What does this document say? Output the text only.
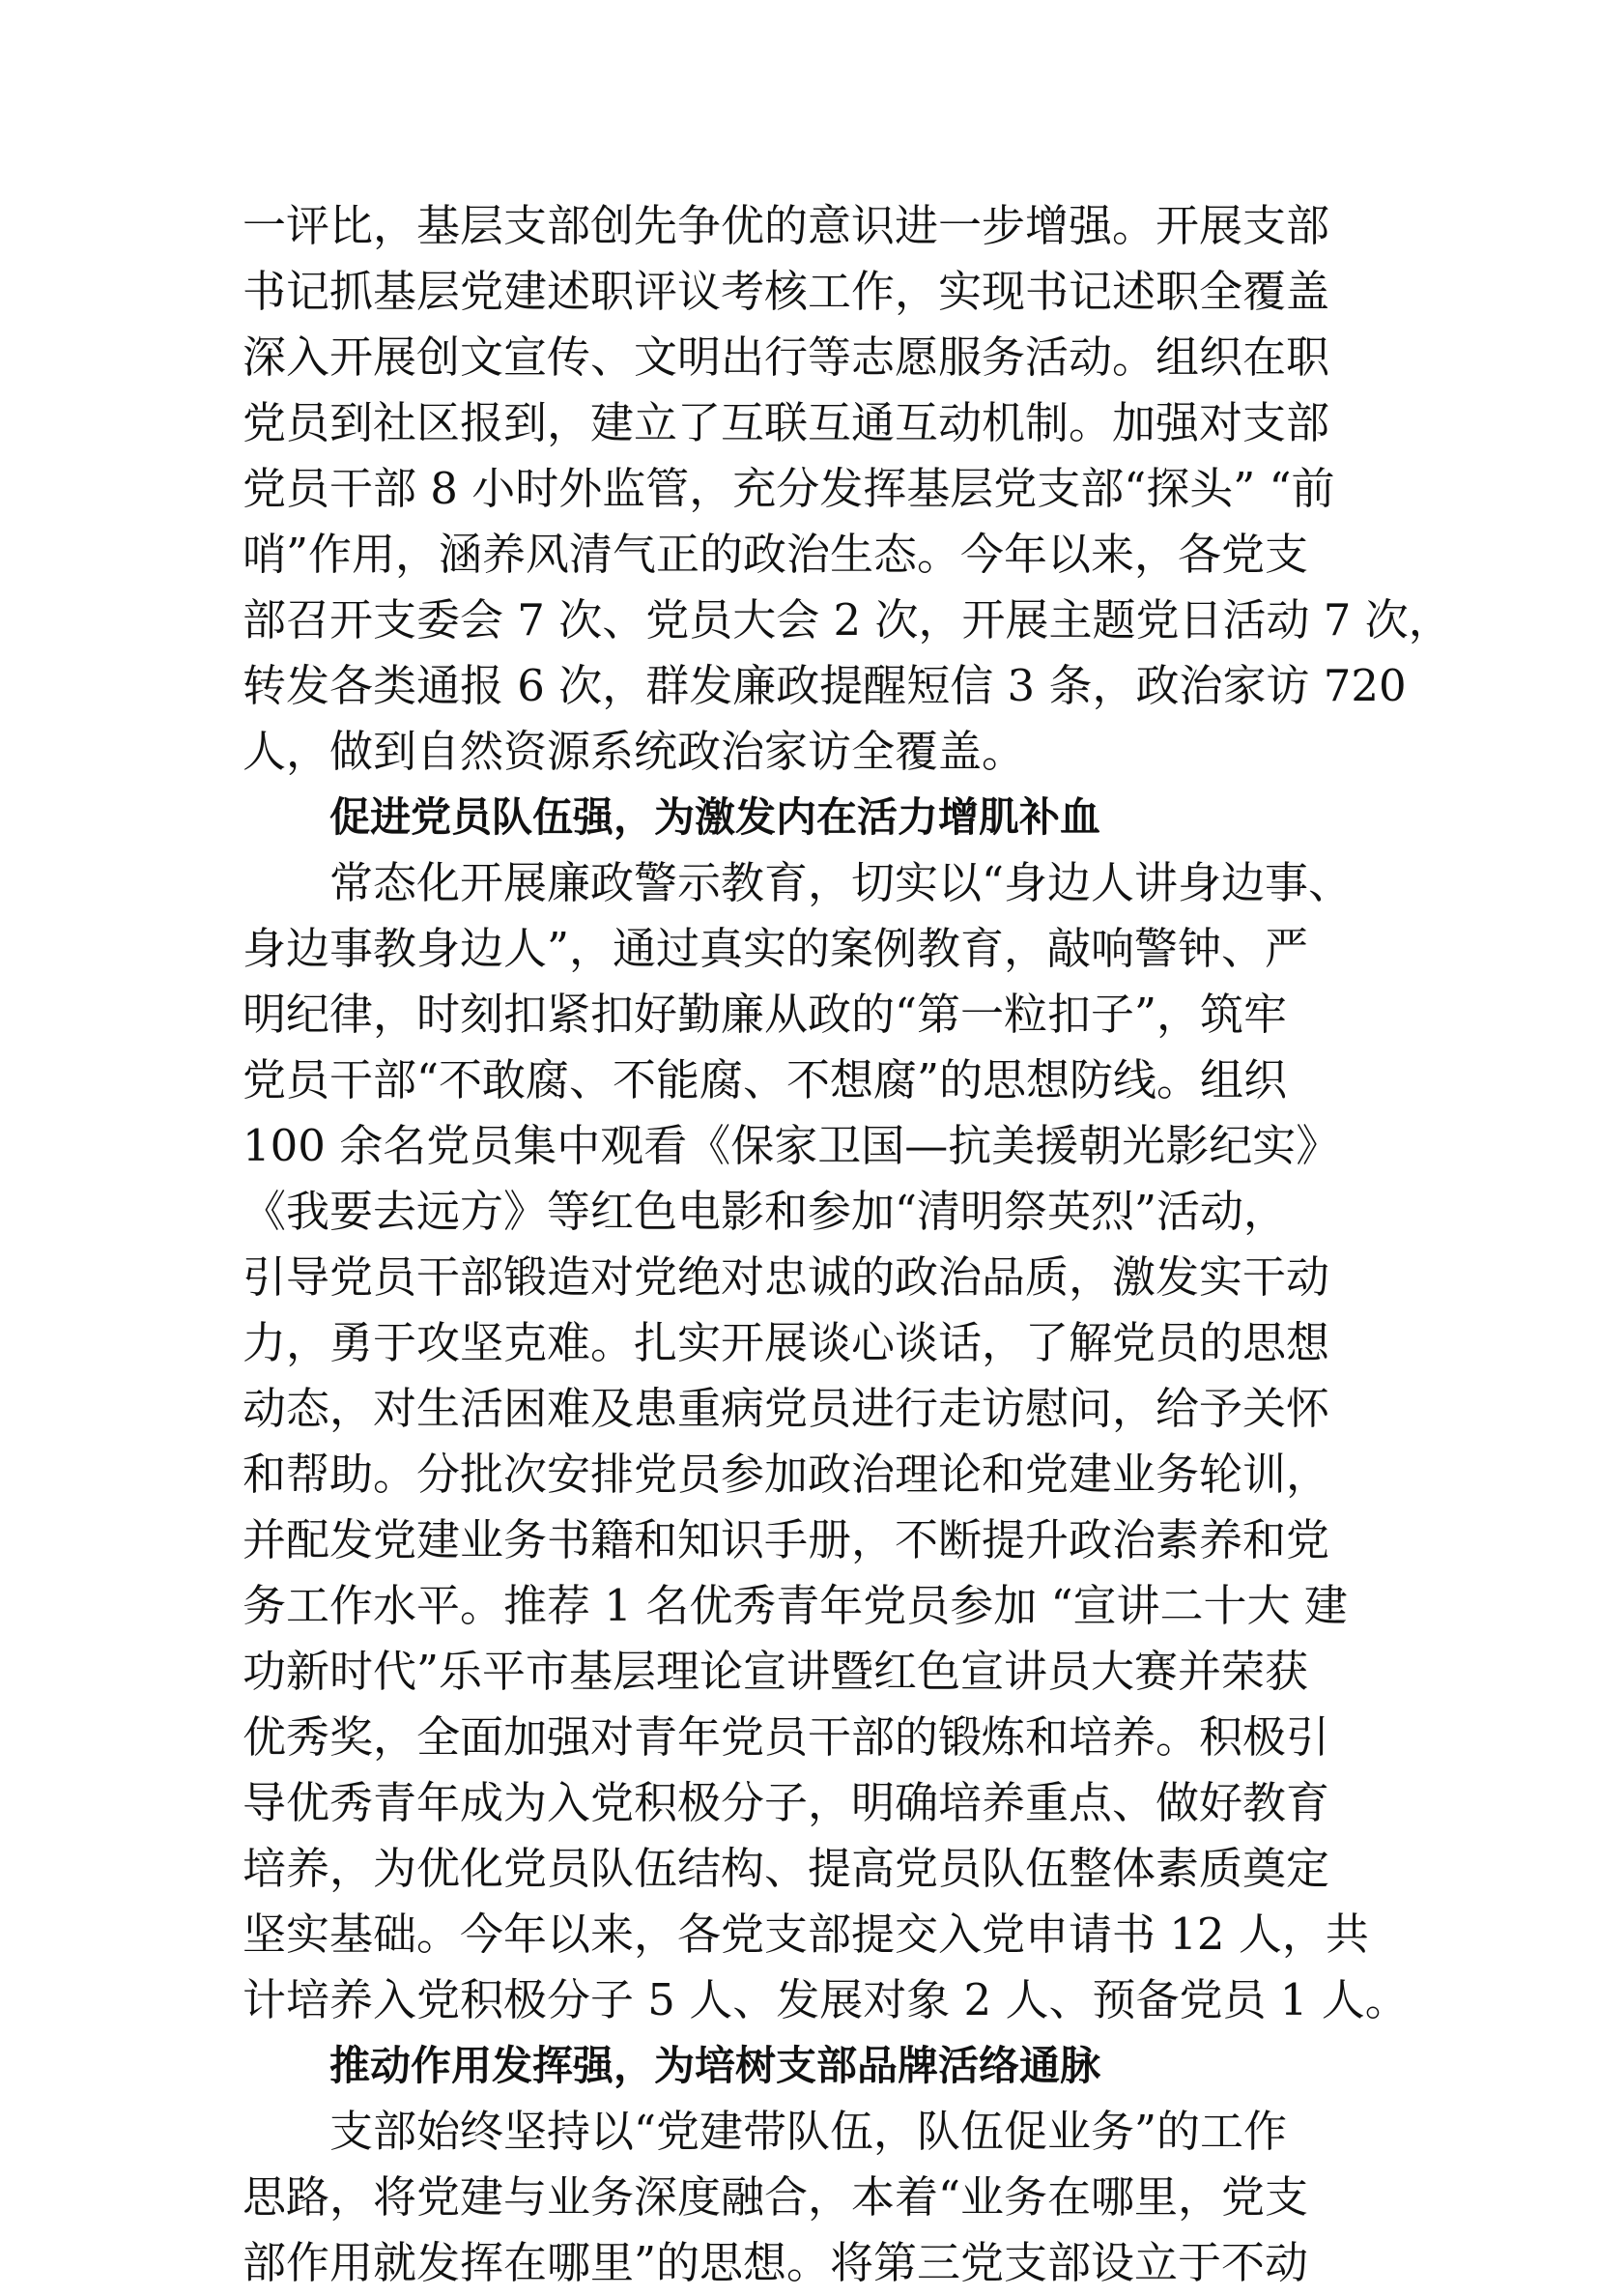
一评比，基层支部创先争优的意识进一步增强。开展支部
书记抓基层党建述职评议考核工作，实现书记述职全覆盖
深入开展创文宣传、文明出行等志愿服务活动。组织在职
党员到社区报到，建立了互联互通互动机制。加强对支部
党员干部 8 小时外监管，充分发挥基层党支部“探头” “前
哨”作用，涵养风清气正的政治生态。今年以来，各党支
部召开支委会 7 次、党员大会 2 次，开展主题党日活动 7 次，
转发各类通报 6 次，群发廉政提醒短信 3 条，政治家访 720
人，做到自然资源系统政治家访全覆盖。
促进党员队伍强，为激发内在活力增肌补血
常态化开展廉政警示教育，切实以“身边人讲身边事、
身边事教身边人”，通过真实的案例教育，敲响警钟、严
明纪律，时刻扣紧扣好勤廉从政的“第一粒扣子”，筑牢
党员干部“不敢腐、不能腐、不想腐”的思想防线。组织
100 余名党员集中观看《保家卫国—抗美援朝光影纪实》
《我要去远方》等红色电影和参加“清明祭英烈”活动，
引导党员干部锻造对党绝对忠诚的政治品质，激发实干动
力，勇于攻坚克难。扎实开展谈心谈话，了解党员的思想
动态，对生活困难及患重病党员进行走访慰问，给予关怀
和帮助。分批次安排党员参加政治理论和党建业务轮训，
并配发党建业务书籍和知识手册，不断提升政治素养和党
务工作水平。推荐 1 名优秀青年党员参加 “宣讲二十大 建
功新时代”乐平市基层理论宣讲暨红色宣讲员大赛并荣获
优秀奖，全面加强对青年党员干部的锻炼和培养。积极引
导优秀青年成为入党积极分子，明确培养重点、做好教育
培养，为优化党员队伍结构、提高党员队伍整体素质奠定
坚实基础。今年以来，各党支部提交入党申请书 12 人，共
计培养入党积极分子 5 人、发展对象 2 人、预备党员 1 人。
推动作用发挥强，为培树支部品牌活络通脉
支部始终坚持以“党建带队伍，队伍促业务”的工作
思路，将党建与业务深度融合，本着“业务在哪里，党支
部作用就发挥在哪里”的思想。将第三党支部设立于不动
